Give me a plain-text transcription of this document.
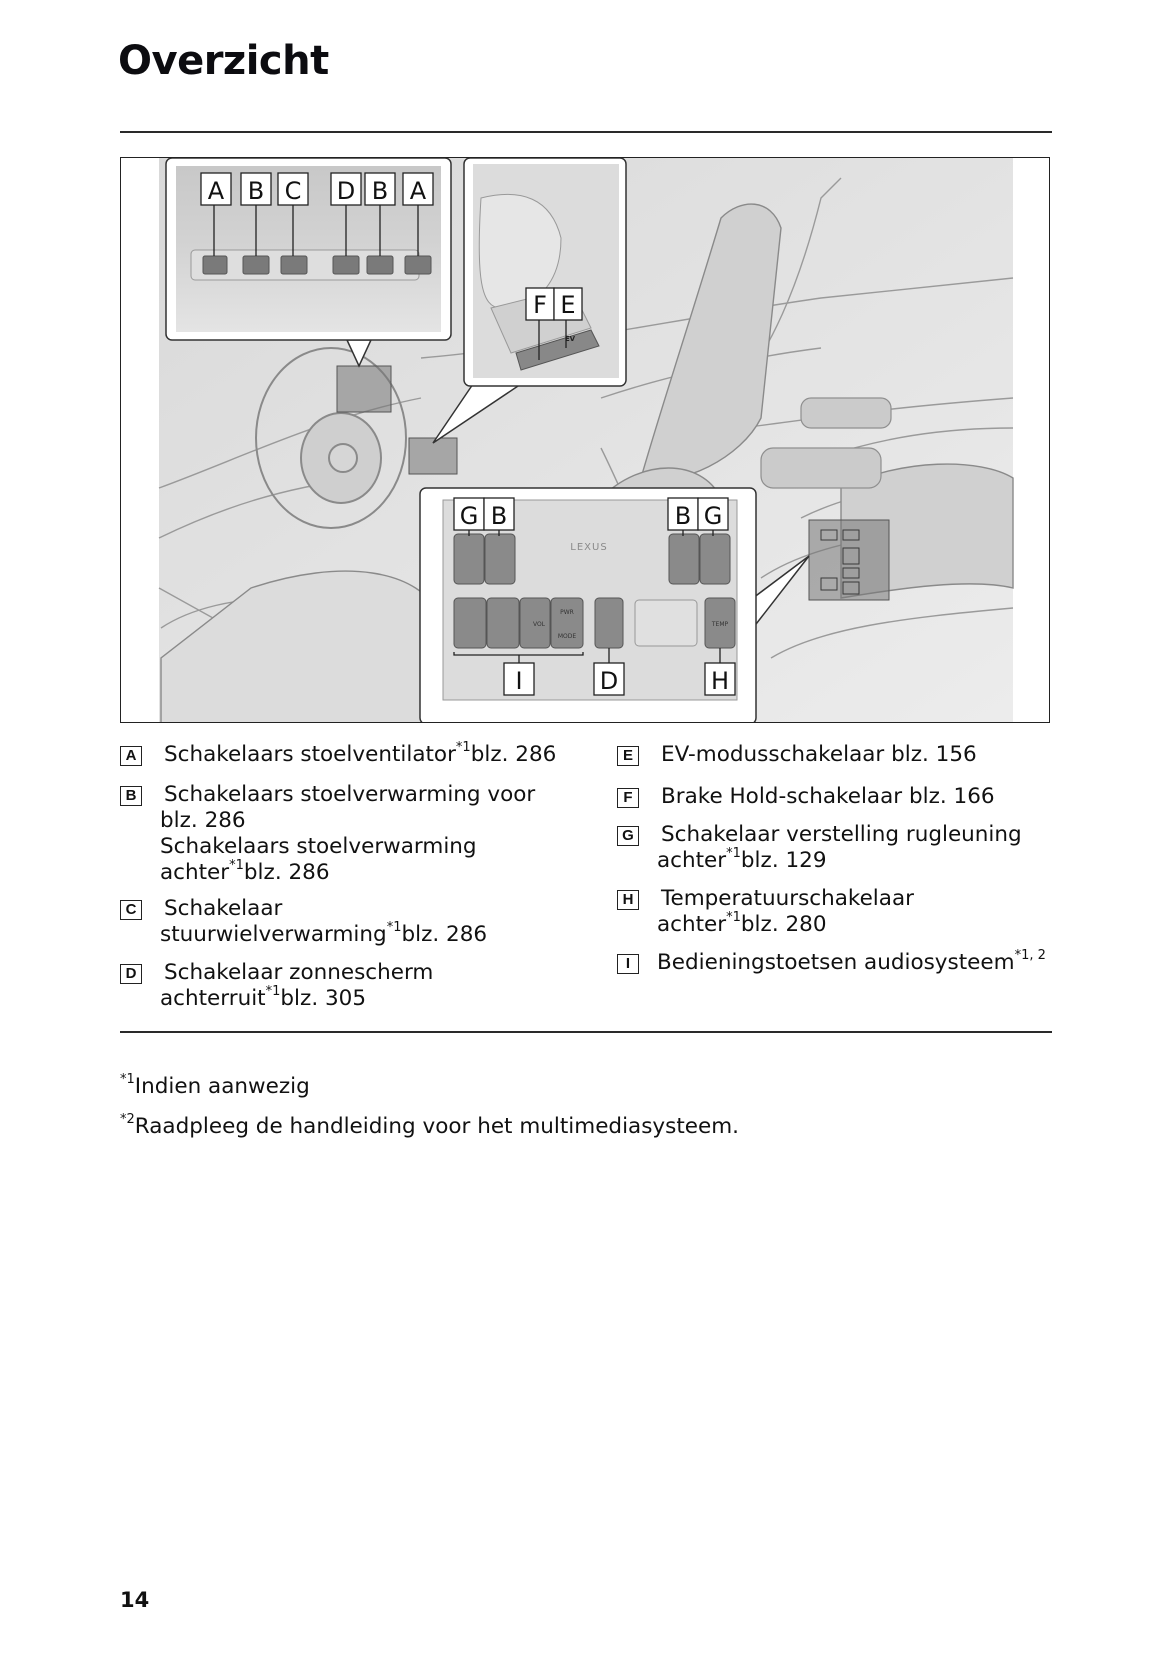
Overzicht
A B C D B A
F E
EV
LEXUS
VOL
PWR
MODE
TEMP
G B	B G
I	D	H
A	Schakelaars stoelventilator$^{*1}$blz. 286
B	Schakelaars stoelverwarming voor
blz. 286
Schakelaars stoelverwarming
achter$^{*1}$blz. 286
C	Schakelaar
stuurwielverwarming$^{*1}$blz. 286
D	Schakelaar zonnescherm
achterruit$^{*1}$blz. 305
E	EV-modusschakelaar blz. 156
F	Brake Hold-schakelaar blz. 166
G	Schakelaar verstelling rugleuning
achter$^{*1}$blz. 129
H	Temperatuurschakelaar
achter$^{*1}$blz. 280
I	Bedieningstoetsen audiosysteem$^{*1, 2}$
$^{*1}$Indien aanwezig
$^{*2}$Raadpleeg de handleiding voor het multimediasysteem.
14
